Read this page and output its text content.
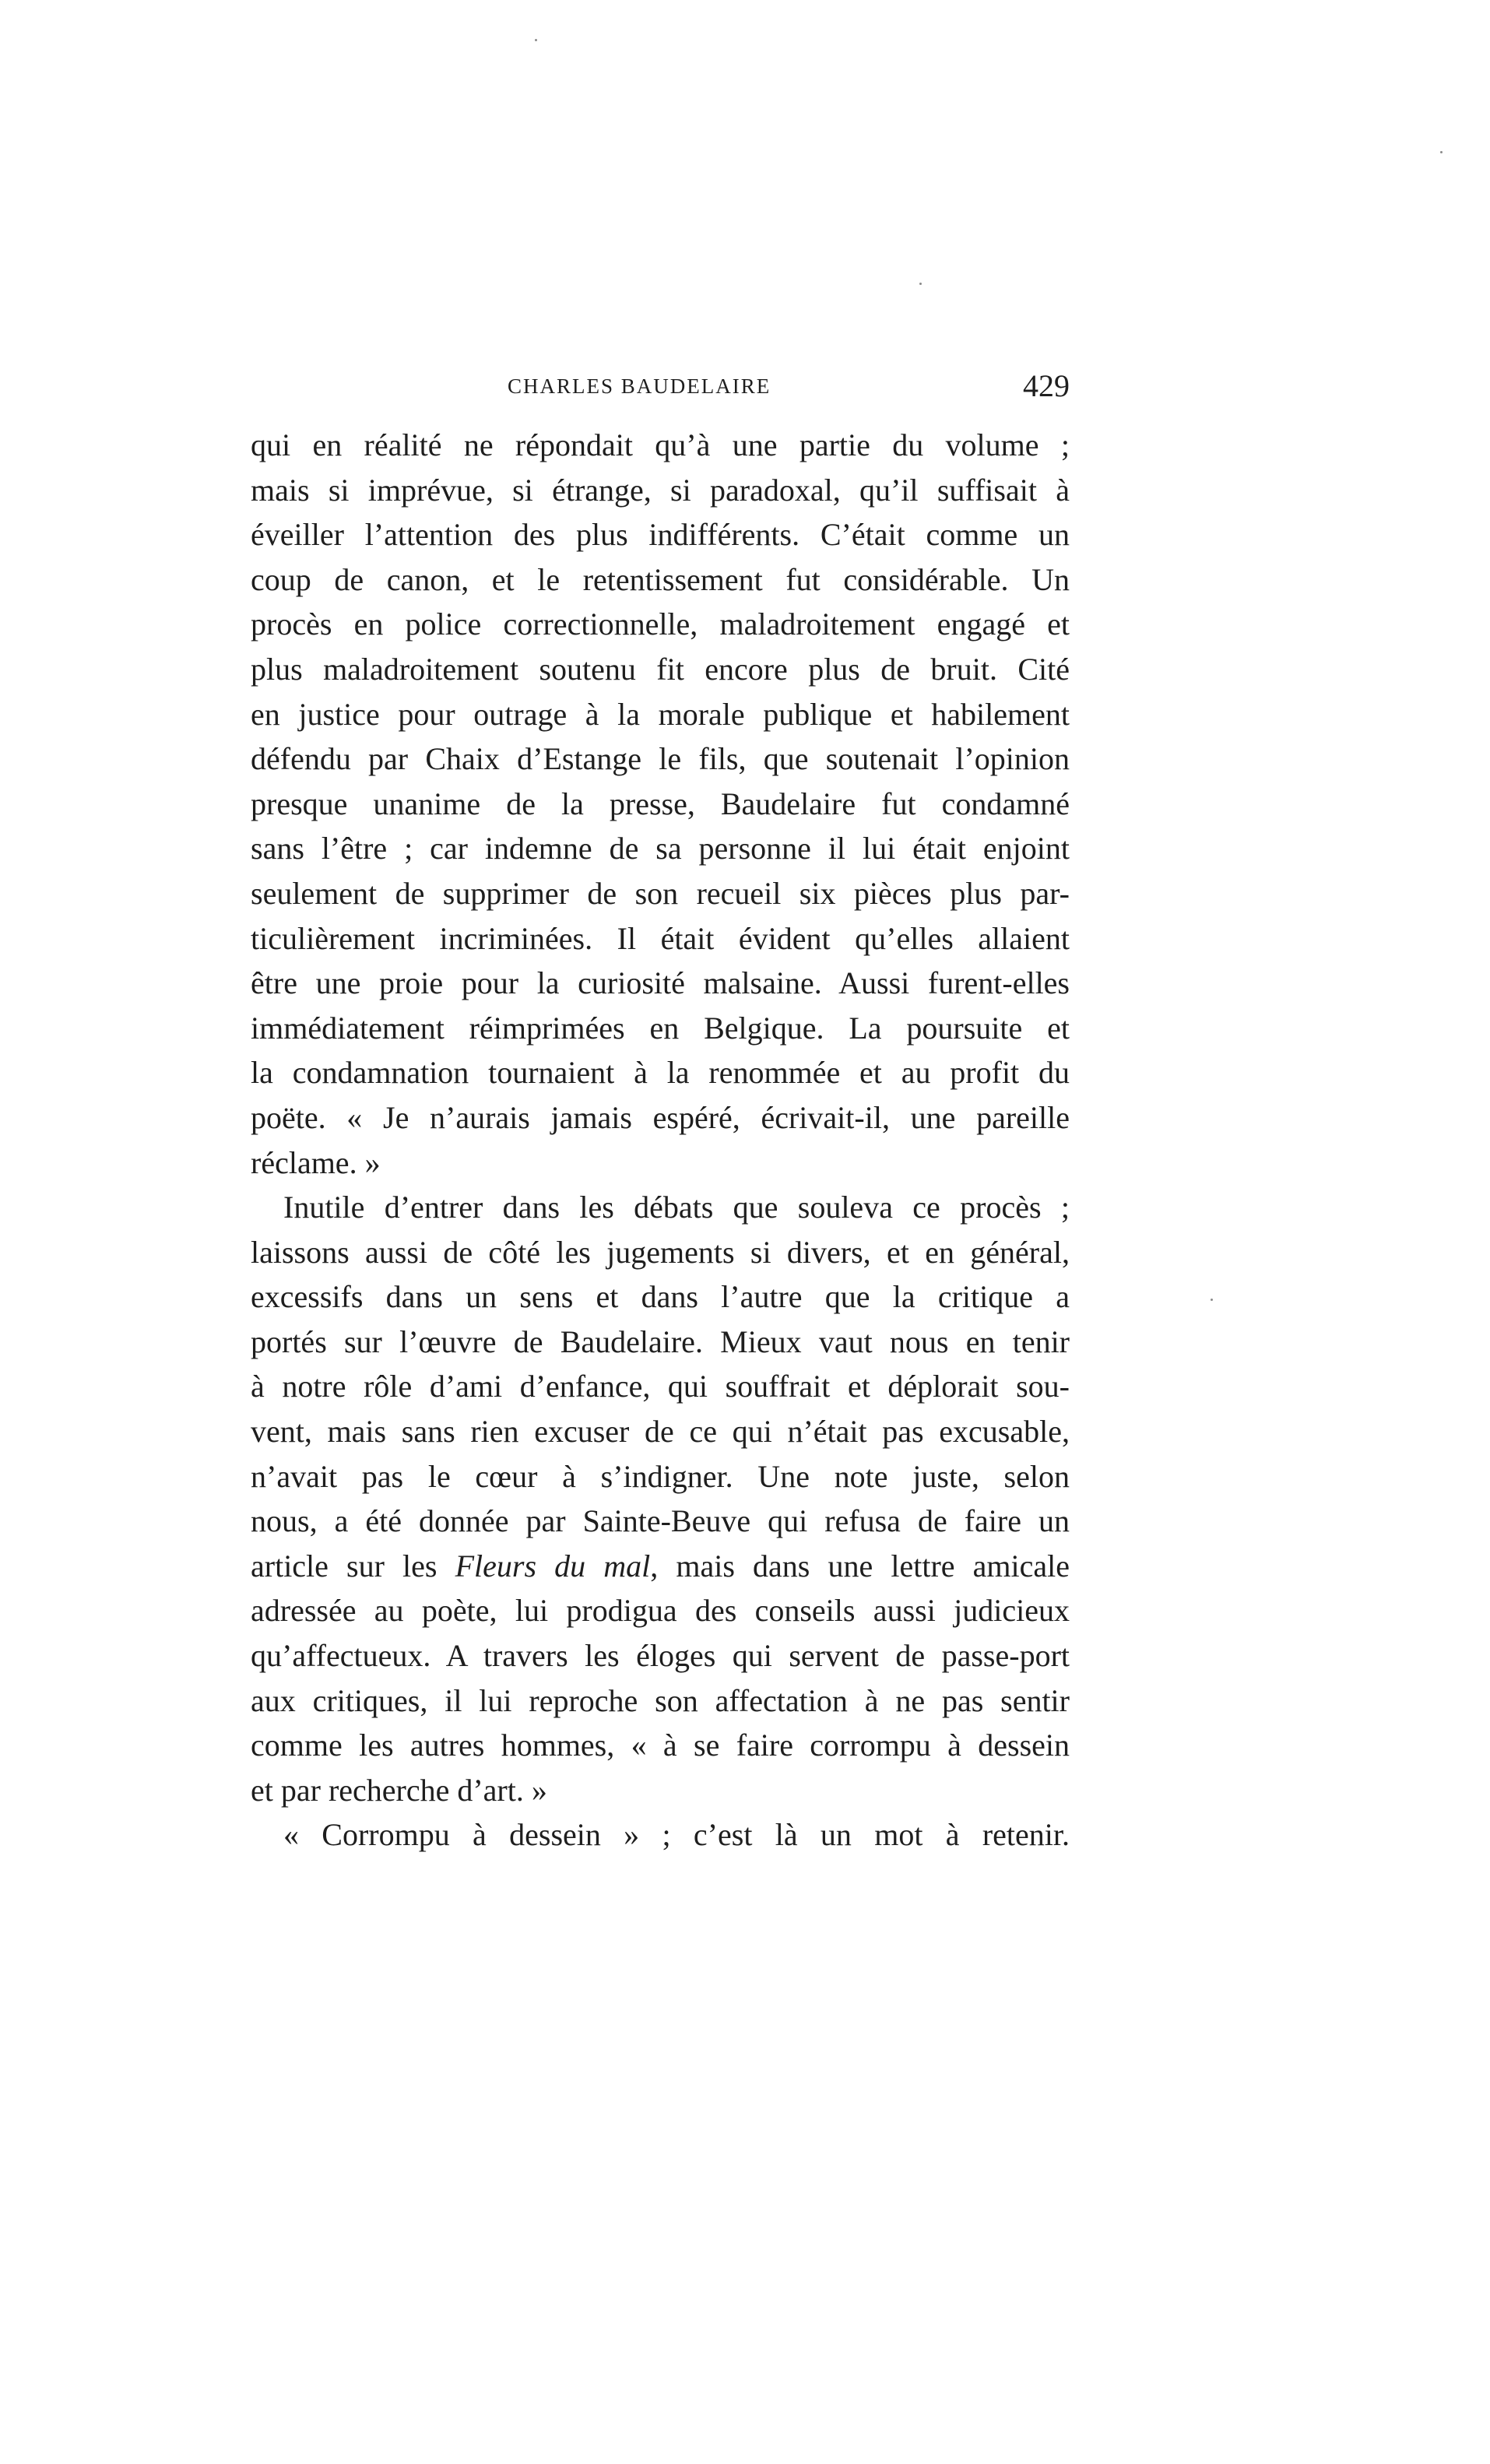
CHARLES BAUDELAIRE	429
qui en réalité ne répondait qu’à une partie du volume ;
mais si imprévue, si étrange, si paradoxal, qu’il suffisait à
éveiller l’attention des plus indifférents. C’était comme un
coup de canon, et le retentissement fut considérable. Un
procès en police correctionnelle, maladroitement engagé et
plus maladroitement soutenu fit encore plus de bruit. Cité
en justice pour outrage à la morale publique et habilement
défendu par Chaix d’Estange le fils, que soutenait l’opinion
presque unanime de la presse, Baudelaire fut condamné
sans l’être ; car indemne de sa personne il lui était enjoint
seulement de supprimer de son recueil six pièces plus par-
ticulièrement incriminées. Il était évident qu’elles allaient
être une proie pour la curiosité malsaine. Aussi furent-elles
immédiatement réimprimées en Belgique. La poursuite et
la condamnation tournaient à la renommée et au profit du
poëte. « Je n’aurais jamais espéré, écrivait-il, une pareille
réclame. »
Inutile d’entrer dans les débats que souleva ce procès ;
laissons aussi de côté les jugements si divers, et en général,
excessifs dans un sens et dans l’autre que la critique a
portés sur l’œuvre de Baudelaire. Mieux vaut nous en tenir
à notre rôle d’ami d’enfance, qui souffrait et déplorait sou-
vent, mais sans rien excuser de ce qui n’était pas excusable,
n’avait pas le cœur à s’indigner. Une note juste, selon
nous, a été donnée par Sainte-Beuve qui refusa de faire un
article sur les Fleurs du mal, mais dans une lettre amicale
adressée au poète, lui prodigua des conseils aussi judicieux
qu’affectueux. A travers les éloges qui servent de passe-port
aux critiques, il lui reproche son affectation à ne pas sentir
comme les autres hommes, « à se faire corrompu à dessein
et par recherche d’art. »
« Corrompu à dessein » ; c’est là un mot à retenir.
